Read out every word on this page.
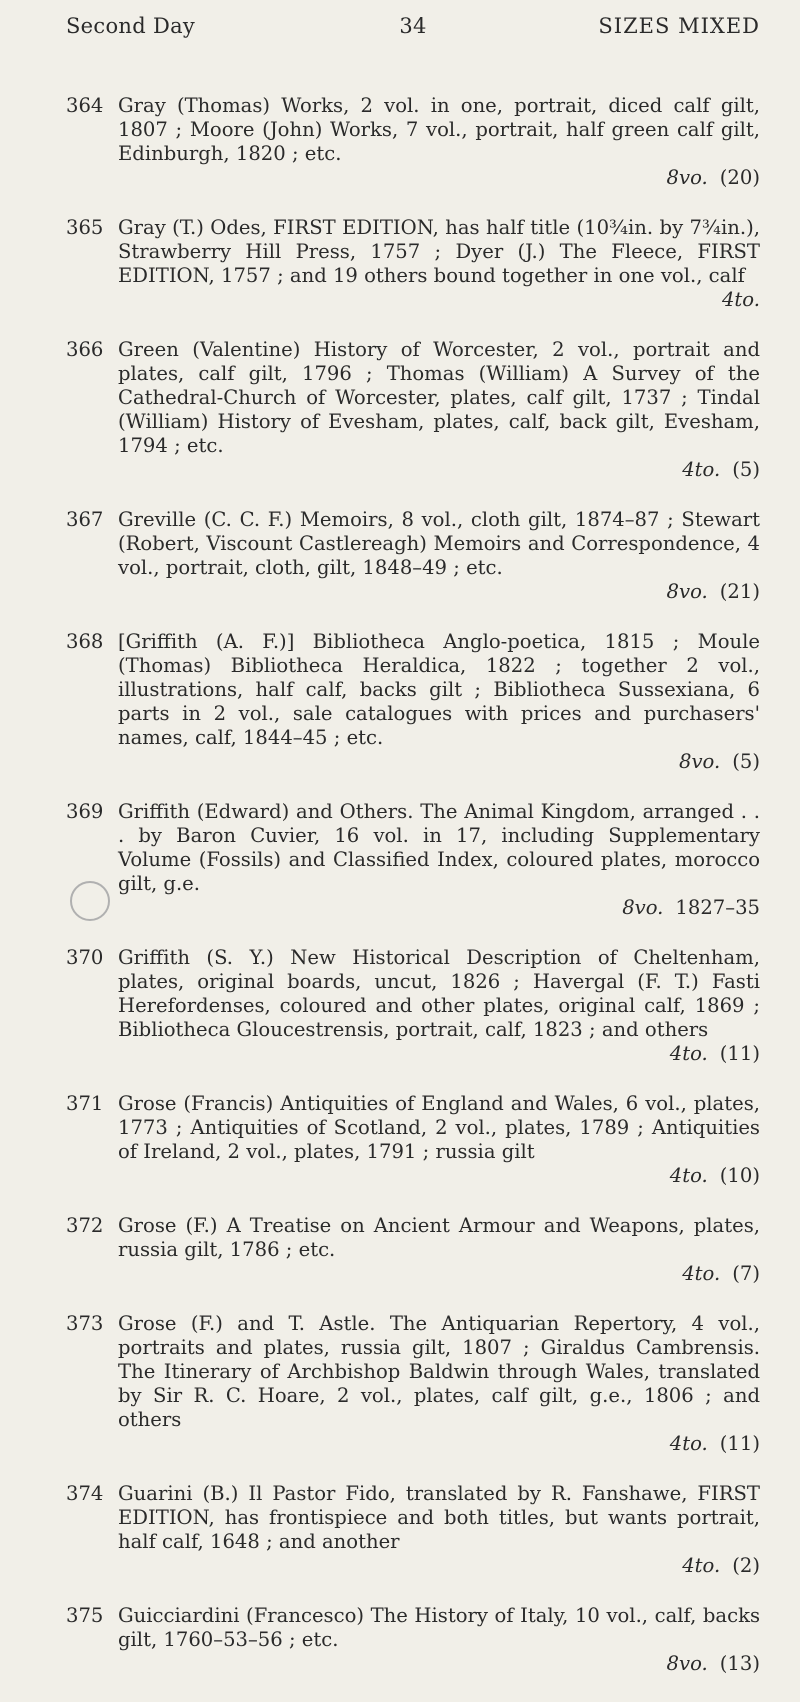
Second Day	34	SIZES MIXED
364 Gray (Thomas) Works, 2 vol. in one, portrait, diced calf gilt, 1807 ; Moore (John) Works, 7 vol., portrait, half green calf gilt, Edinburgh, 1820 ; etc.
8vo. (20)
365 Gray (T.) Odes, FIRST EDITION, has half title (10¾in. by 7¾in.), Strawberry Hill Press, 1757 ; Dyer (J.) The Fleece, FIRST EDITION, 1757 ; and 19 others bound together in one vol., calf
4to.
366 Green (Valentine) History of Worcester, 2 vol., portrait and plates, calf gilt, 1796 ; Thomas (William) A Survey of the Cathedral-Church of Worcester, plates, calf gilt, 1737 ; Tindal (William) History of Evesham, plates, calf, back gilt, Evesham, 1794 ; etc.
4to. (5)
367 Greville (C. C. F.) Memoirs, 8 vol., cloth gilt, 1874–87 ; Stewart (Robert, Viscount Castlereagh) Memoirs and Correspondence, 4 vol., portrait, cloth, gilt, 1848–49 ; etc.
8vo. (21)
368 [Griffith (A. F.)] Bibliotheca Anglo-poetica, 1815 ; Moule (Thomas) Bibliotheca Heraldica, 1822 ; together 2 vol., illustrations, half calf, backs gilt ; Bibliotheca Sussexiana, 6 parts in 2 vol., sale catalogues with prices and purchasers' names, calf, 1844–45 ; etc.
8vo. (5)
369 Griffith (Edward) and Others. The Animal Kingdom, arranged . . . by Baron Cuvier, 16 vol. in 17, including Supplementary Volume (Fossils) and Classified Index, coloured plates, morocco gilt, g.e.
8vo. 1827–35
370 Griffith (S. Y.) New Historical Description of Cheltenham, plates, original boards, uncut, 1826 ; Havergal (F. T.) Fasti Herefordenses, coloured and other plates, original calf, 1869 ; Bibliotheca Gloucestrensis, portrait, calf, 1823 ; and others
4to. (11)
371 Grose (Francis) Antiquities of England and Wales, 6 vol., plates, 1773 ; Antiquities of Scotland, 2 vol., plates, 1789 ; Antiquities of Ireland, 2 vol., plates, 1791 ; russia gilt
4to. (10)
372 Grose (F.) A Treatise on Ancient Armour and Weapons, plates, russia gilt, 1786 ; etc.
4to. (7)
373 Grose (F.) and T. Astle. The Antiquarian Repertory, 4 vol., portraits and plates, russia gilt, 1807 ; Giraldus Cambrensis. The Itinerary of Archbishop Baldwin through Wales, translated by Sir R. C. Hoare, 2 vol., plates, calf gilt, g.e., 1806 ; and others
4to. (11)
374 Guarini (B.) Il Pastor Fido, translated by R. Fanshawe, FIRST EDITION, has frontispiece and both titles, but wants portrait, half calf, 1648 ; and another
4to. (2)
375 Guicciardini (Francesco) The History of Italy, 10 vol., calf, backs gilt, 1760–53–56 ; etc.
8vo. (13)
